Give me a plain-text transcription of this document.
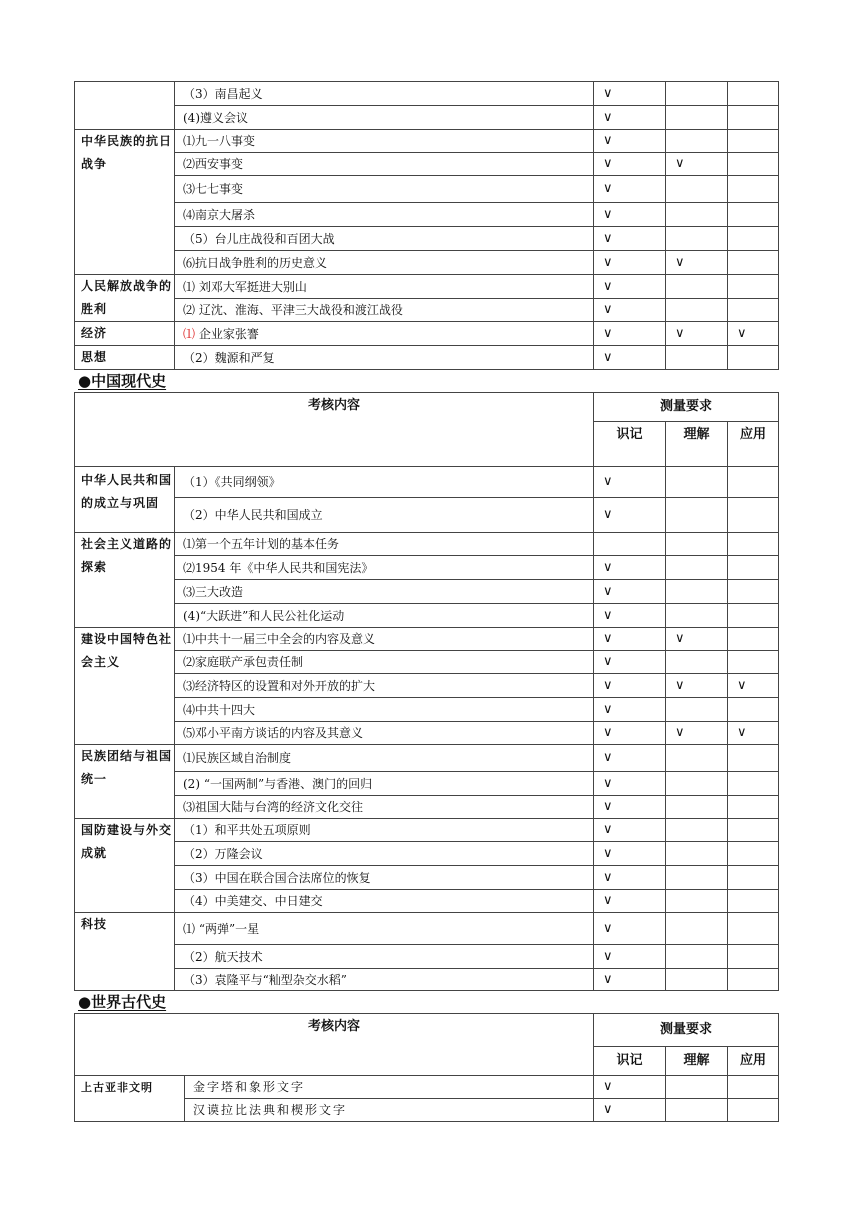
	（3）南昌起义	∨		
	(4)遵义会议	∨		
中华民族的抗日战争	⑴九一八事变	∨		
	⑵西安事变	∨	∨	
	⑶七七事变	∨		
	⑷南京大屠杀	∨		
	（5）台儿庄战役和百团大战	∨		
	⑹抗日战争胜利的历史意义	∨	∨	
人民解放战争的胜利	⑴ 刘邓大军挺进大别山	∨		
	⑵ 辽沈、淮海、平津三大战役和渡江战役	∨		
经济	⑴ 企业家张謇	∨	∨	∨
思想	（2）魏源和严复	∨		
●中国现代史
考核内容		测量要求		
		识记	理解	应用
中华人民共和国的成立与巩固	（1）《共同纲领》	∨		
	（2）中华人民共和国成立	∨		
社会主义道路的探索	⑴第一个五年计划的基本任务			
	⑵1954 年《中华人民共和国宪法》	∨		
	⑶三大改造	∨		
	(4)“大跃进”和人民公社化运动	∨		
建设中国特色社会主义	⑴中共十一届三中全会的内容及意义	∨	∨	
	⑵家庭联产承包责任制	∨		
	⑶经济特区的设置和对外开放的扩大	∨	∨	∨
	⑷中共十四大	∨		
	⑸邓小平南方谈话的内容及其意义	∨	∨	∨
民族团结与祖国统一	⑴民族区域自治制度	∨		
	(2) “一国两制”与香港、澳门的回归	∨		
	⑶祖国大陆与台湾的经济文化交往	∨		
国防建设与外交成就	（1）和平共处五项原则	∨		
	（2）万隆会议	∨		
	（3）中国在联合国合法席位的恢复	∨		
	（4）中美建交、中日建交	∨		
科技	⑴ “两弹”一星	∨		
	（2）航天技术	∨		
	（3）袁隆平与“籼型杂交水稻”	∨		
●世界古代史
考核内容		测量要求		
		识记	理解	应用
上古亚非文明	金字塔和象形文字	∨		
	汉谟拉比法典和楔形文字	∨		
